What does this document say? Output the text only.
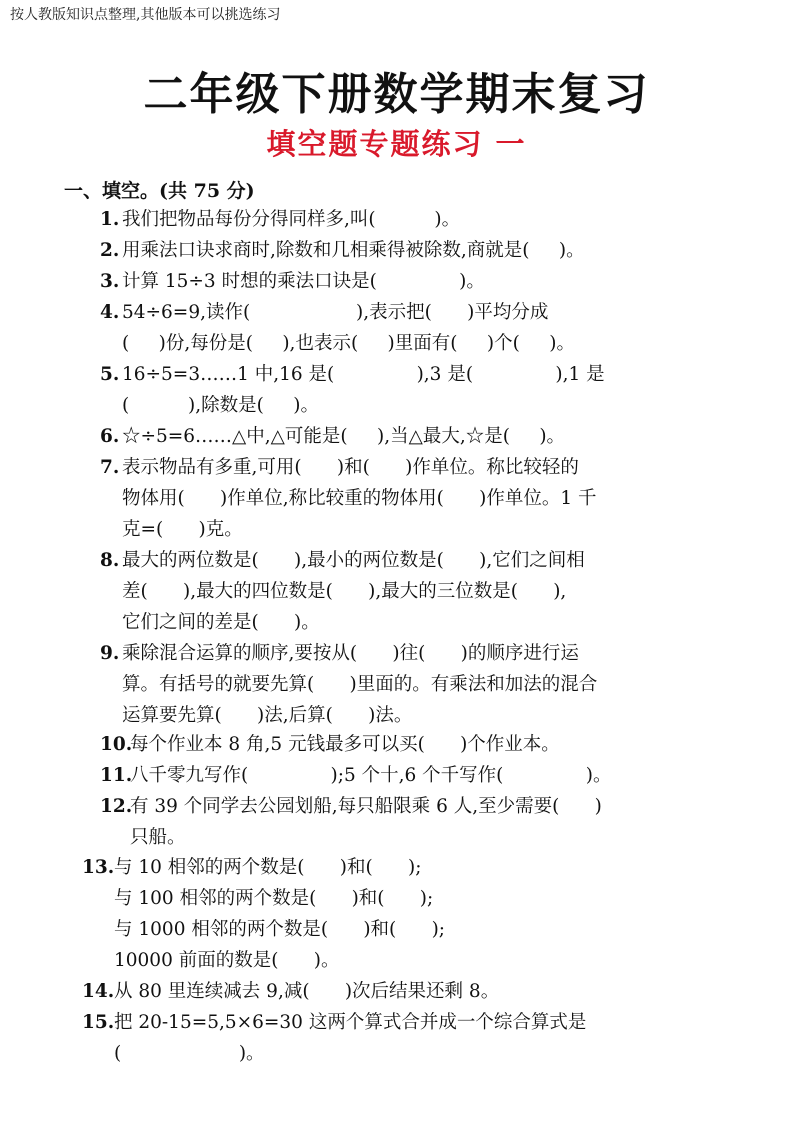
按人教版知识点整理,其他版本可以挑选练习
二年级下册数学期末复习
填空题专题练习 一
一、填空。(共 75 分)
1. 我们把物品每份分得同样多,叫(          )。
2. 用乘法口诀求商时,除数和几相乘得被除数,商就是(     )。
3. 计算 15÷3 时想的乘法口诀是(              )。
4. 54÷6=9,读作(                  ),表示把(      )平均分成
(     )份,每份是(     ),也表示(     )里面有(     )个(     )。
5. 16÷5=3……1 中,16 是(              ),3 是(              ),1 是
(          ),除数是(     )。
6. ☆÷5=6……△中,△可能是(     ),当△最大,☆是(     )。
7. 表示物品有多重,可用(      )和(      )作单位。称比较轻的
物体用(      )作单位,称比较重的物体用(      )作单位。1 千
克=(      )克。
8. 最大的两位数是(      ),最小的两位数是(      ),它们之间相
差(      ),最大的四位数是(      ),最大的三位数是(      ),
它们之间的差是(      )。
9. 乘除混合运算的顺序,要按从(      )往(      )的顺序进行运
算。有括号的就要先算(      )里面的。有乘法和加法的混合
运算要先算(      )法,后算(      )法。
10.
每个作业本 8 角,5 元钱最多可以买(      )个作业本。
11.
八千零九写作(              );5 个十,6 个千写作(              )。
12.
有 39 个同学去公园划船,每只船限乘 6 人,至少需要(      )
只船。
13. 与 10 相邻的两个数是(      )和(      );
与 100 相邻的两个数是(      )和(      );
与 1000 相邻的两个数是(      )和(      );
10000 前面的数是(      )。
14. 从 80 里连续减去 9,减(      )次后结果还剩 8。
15. 把 20-15=5,5×6=30 这两个算式合并成一个综合算式是
(                    )。
